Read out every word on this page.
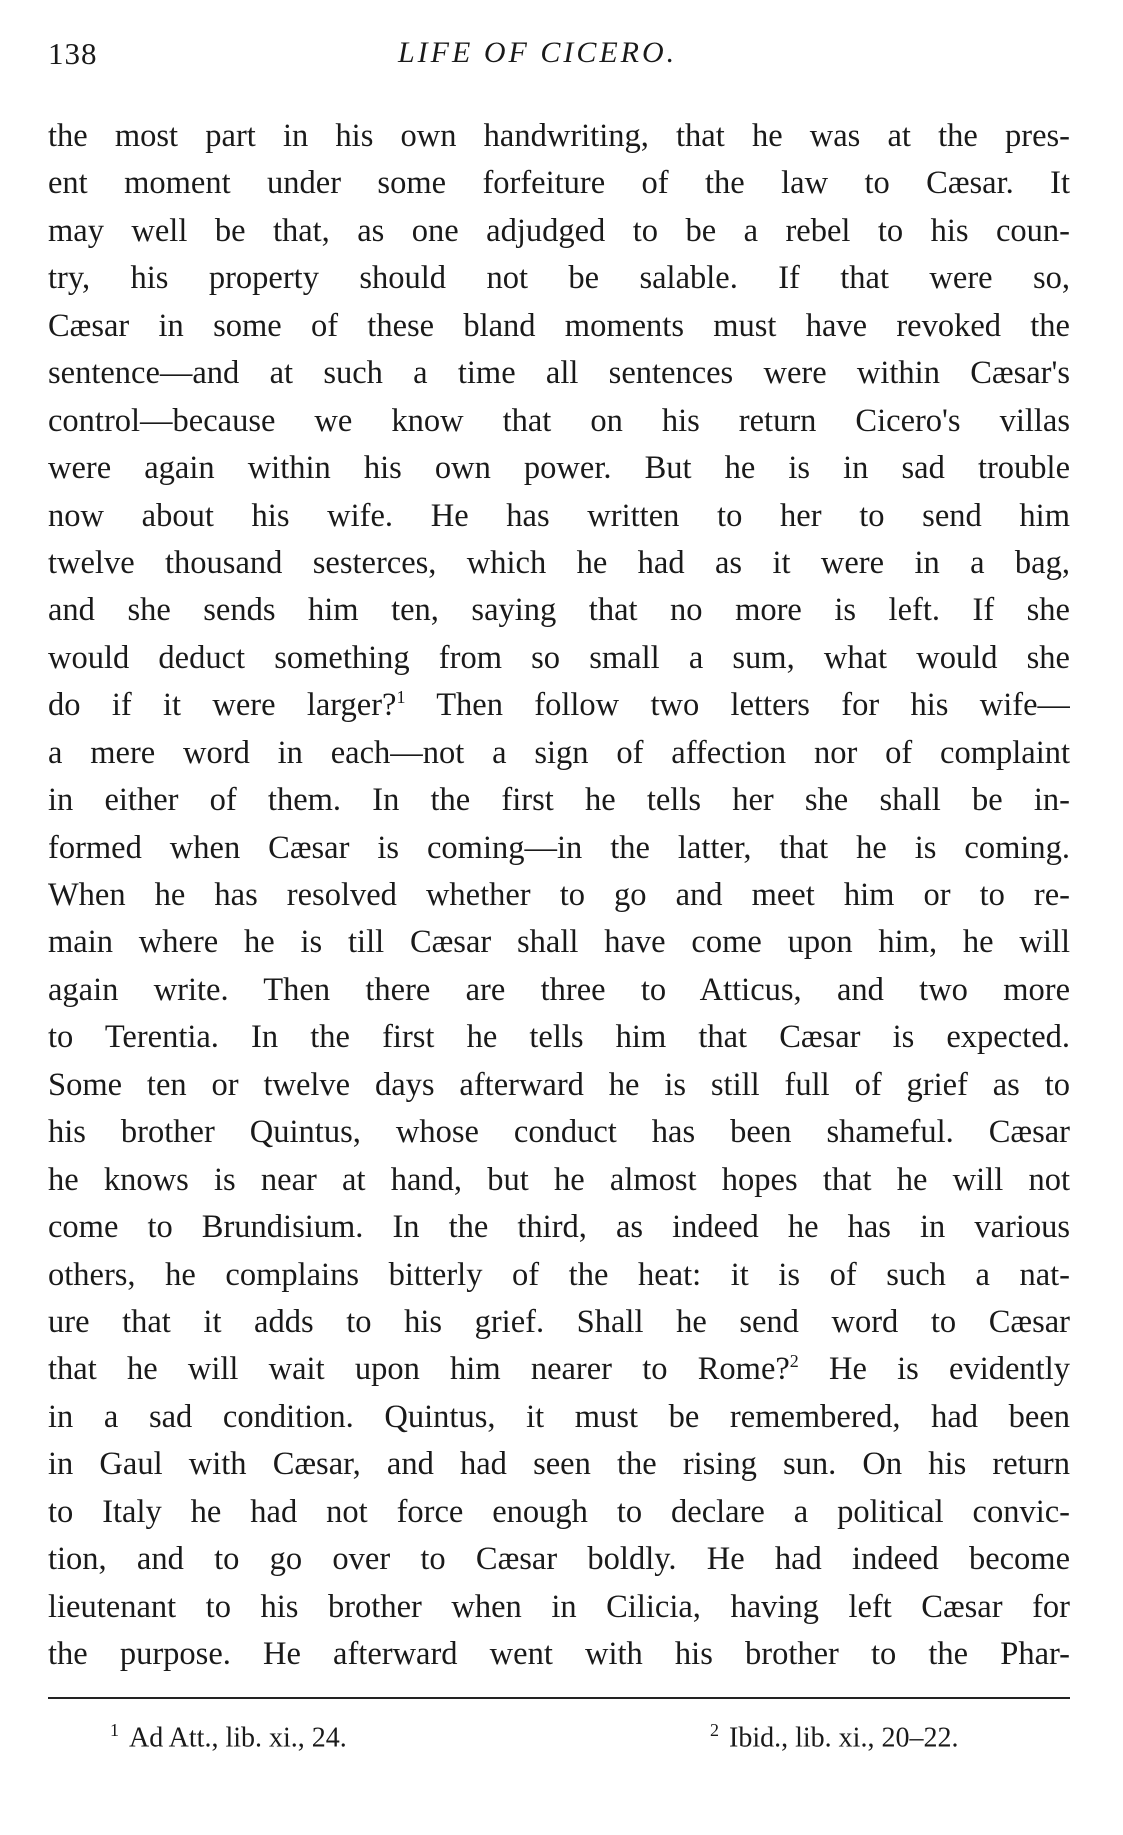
138	LIFE OF CICERO.
the most part in his own handwriting, that he was at the pres-
ent moment under some forfeiture of the law to Cæsar. It
may well be that, as one adjudged to be a rebel to his coun-
try, his property should not be salable. If that were so,
Cæsar in some of these bland moments must have revoked the
sentence—and at such a time all sentences were within Cæsar's
control—because we know that on his return Cicero's villas
were again within his own power. But he is in sad trouble
now about his wife. He has written to her to send him
twelve thousand sesterces, which he had as it were in a bag,
and she sends him ten, saying that no more is left. If she
would deduct something from so small a sum, what would she
do if it were larger?$^1$ Then follow two letters for his wife—
a mere word in each—not a sign of affection nor of complaint
in either of them. In the first he tells her she shall be in-
formed when Cæsar is coming—in the latter, that he is coming.
When he has resolved whether to go and meet him or to re-
main where he is till Cæsar shall have come upon him, he will
again write. Then there are three to Atticus, and two more
to Terentia. In the first he tells him that Cæsar is expected.
Some ten or twelve days afterward he is still full of grief as to
his brother Quintus, whose conduct has been shameful. Cæsar
he knows is near at hand, but he almost hopes that he will not
come to Brundisium. In the third, as indeed he has in various
others, he complains bitterly of the heat: it is of such a nat-
ure that it adds to his grief. Shall he send word to Cæsar
that he will wait upon him nearer to Rome?$^2$ He is evidently
in a sad condition. Quintus, it must be remembered, had been
in Gaul with Cæsar, and had seen the rising sun. On his return
to Italy he had not force enough to declare a political convic-
tion, and to go over to Cæsar boldly. He had indeed become
lieutenant to his brother when in Cilicia, having left Cæsar for
the purpose. He afterward went with his brother to the Phar-
$^1$ Ad Att., lib. xi., 24.	$^2$ Ibid., lib. xi., 20–22.
